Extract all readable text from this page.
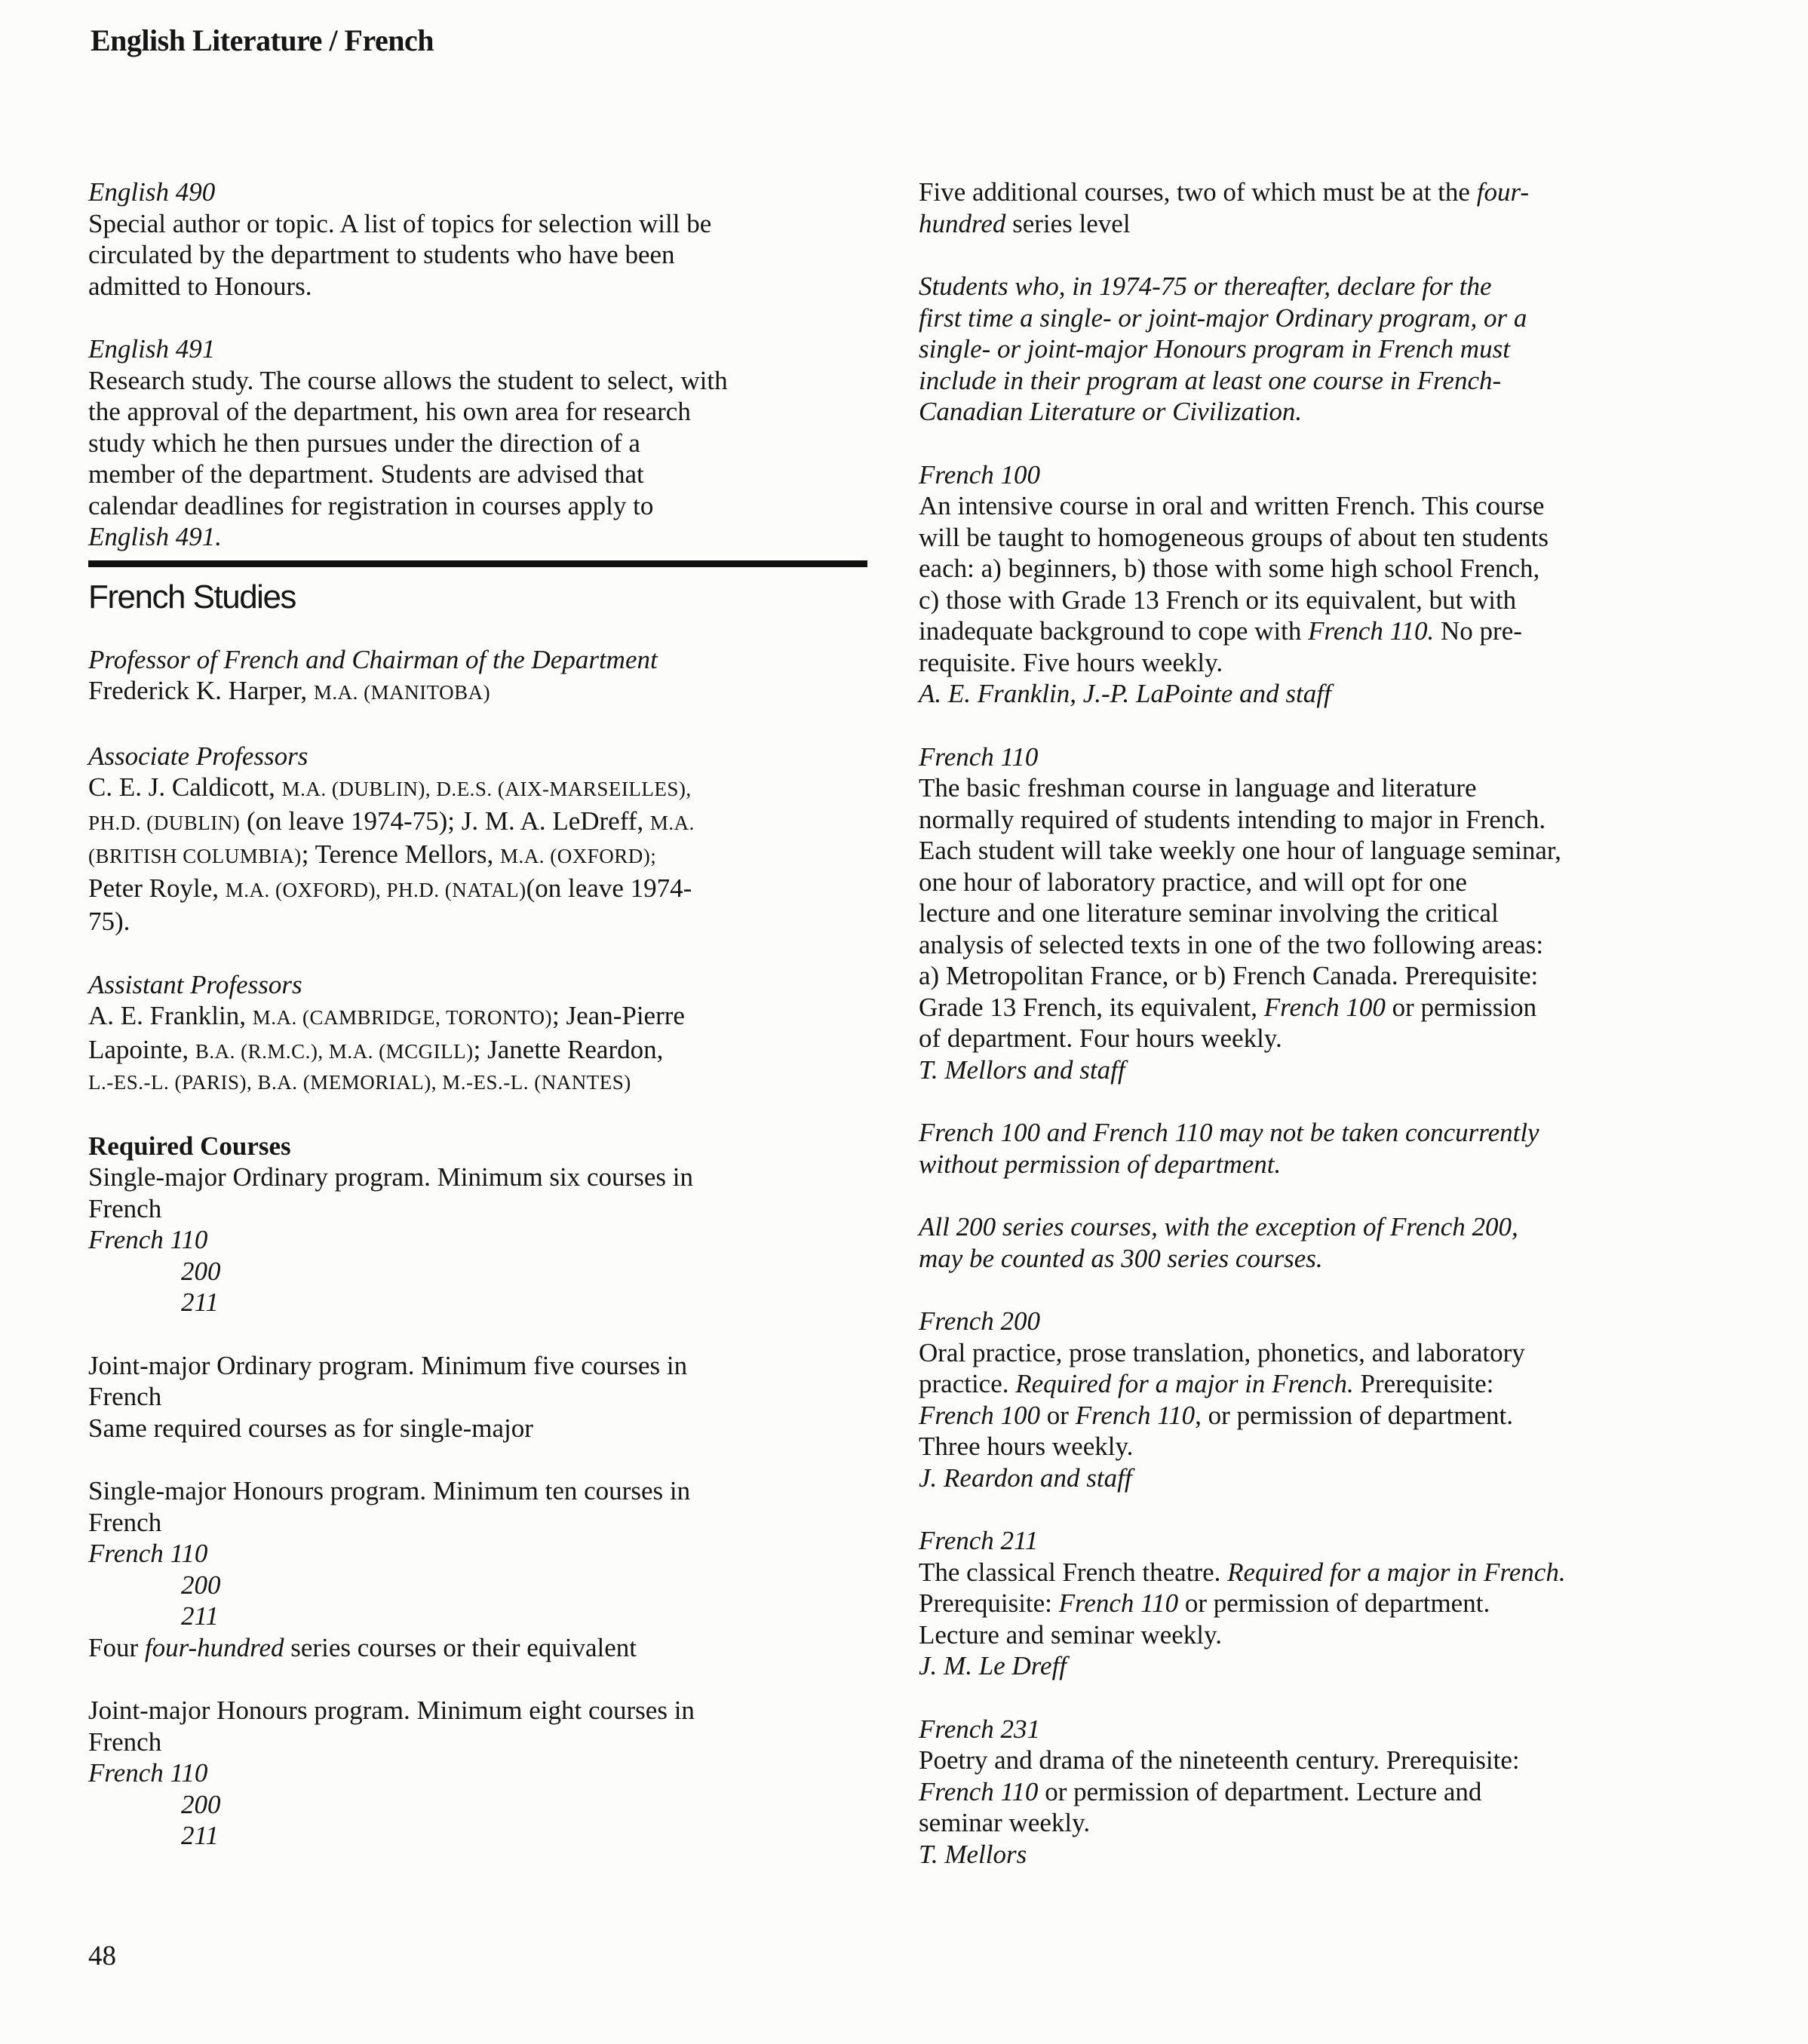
English Literature / French
English 490
Special author or topic. A list of topics for selection will be
circulated by the department to students who have been
admitted to Honours.
English 491
Research study. The course allows the student to select, with
the approval of the department, his own area for research
study which he then pursues under the direction of a
member of the department. Students are advised that
calendar deadlines for registration in courses apply to
English 491.
French Studies
Professor of French and Chairman of the Department
Frederick K. Harper, M.A. (MANITOBA)
Associate Professors
C. E. J. Caldicott, M.A. (DUBLIN), D.E.S. (AIX-MARSEILLES),
PH.D. (DUBLIN) (on leave 1974-75); J. M. A. LeDreff, M.A.
(BRITISH COLUMBIA); Terence Mellors, M.A. (OXFORD);
Peter Royle, M.A. (OXFORD), PH.D. (NATAL)(on leave 1974-
75).
Assistant Professors
A. E. Franklin, M.A. (CAMBRIDGE, TORONTO); Jean-Pierre
Lapointe, B.A. (R.M.C.), M.A. (MCGILL); Janette Reardon,
L.-ES.-L. (PARIS), B.A. (MEMORIAL), M.-ES.-L. (NANTES)
Required Courses
Single-major Ordinary program. Minimum six courses in
French
French 110
200
211
Joint-major Ordinary program. Minimum five courses in
French
Same required courses as for single-major
Single-major Honours program. Minimum ten courses in
French
French 110
200
211
Four four-hundred series courses or their equivalent
Joint-major Honours program. Minimum eight courses in
French
French 110
200
211
Five additional courses, two of which must be at the four-
hundred series level
Students who, in 1974-75 or thereafter, declare for the
first time a single- or joint-major Ordinary program, or a
single- or joint-major Honours program in French must
include in their program at least one course in French-
Canadian Literature or Civilization.
French 100
An intensive course in oral and written French. This course
will be taught to homogeneous groups of about ten students
each: a) beginners, b) those with some high school French,
c) those with Grade 13 French or its equivalent, but with
inadequate background to cope with French 110. No pre-
requisite. Five hours weekly.
A. E. Franklin, J.-P. LaPointe and staff
French 110
The basic freshman course in language and literature
normally required of students intending to major in French.
Each student will take weekly one hour of language seminar,
one hour of laboratory practice, and will opt for one
lecture and one literature seminar involving the critical
analysis of selected texts in one of the two following areas:
a) Metropolitan France, or b) French Canada. Prerequisite:
Grade 13 French, its equivalent, French 100 or permission
of department. Four hours weekly.
T. Mellors and staff
French 100 and French 110 may not be taken concurrently
without permission of department.
All 200 series courses, with the exception of French 200,
may be counted as 300 series courses.
French 200
Oral practice, prose translation, phonetics, and laboratory
practice. Required for a major in French. Prerequisite:
French 100 or French 110, or permission of department.
Three hours weekly.
J. Reardon and staff
French 211
The classical French theatre. Required for a major in French.
Prerequisite: French 110 or permission of department.
Lecture and seminar weekly.
J. M. Le Dreff
French 231
Poetry and drama of the nineteenth century. Prerequisite:
French 110 or permission of department. Lecture and
seminar weekly.
T. Mellors
48
